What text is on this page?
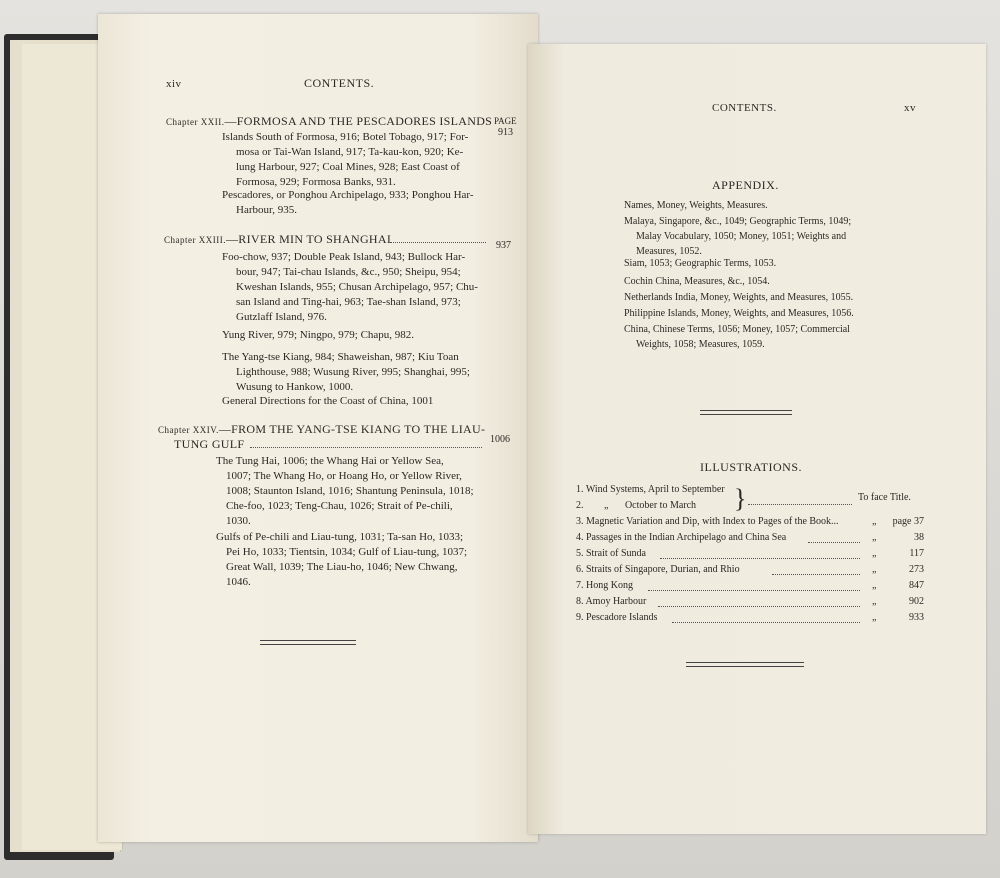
xiv	CONTENTS.
PAGE
Chapter XXII.—FORMOSA AND THE PESCADORES ISLANDS
913
Islands South of Formosa, 916; Botel Tobago, 917; For-
mosa or Tai-Wan Island, 917; Ta-kau-kon, 920; Ke-
lung Harbour, 927; Coal Mines, 928; East Coast of
Formosa, 929; Formosa Banks, 931.
Pescadores, or Ponghou Archipelago, 933; Ponghou Har-
Harbour, 935.
Chapter XXIII.—RIVER MIN TO SHANGHAI	937
Foo-chow, 937; Double Peak Island, 943; Bullock Har-
bour, 947; Tai-chau Islands, &c., 950; Sheipu, 954;
Kweshan Islands, 955; Chusan Archipelago, 957; Chu-
san Island and Ting-hai, 963; Tae-shan Island, 973;
Gutzlaff Island, 976.
Yung River, 979; Ningpo, 979; Chapu, 982.
The Yang-tse Kiang, 984; Shaweishan, 987; Kiu Toan
Lighthouse, 988; Wusung River, 995; Shanghai, 995;
Wusung to Hankow, 1000.
General Directions for the Coast of China, 1001
Chapter XXIV.—FROM THE YANG-TSE KIANG TO THE LIAU-
TUNG GULF	1006
The Tung Hai, 1006; the Whang Hai or Yellow Sea,
1007; The Whang Ho, or Hoang Ho, or Yellow River,
1008; Staunton Island, 1016; Shantung Peninsula, 1018;
Che-foo, 1023; Teng-Chau, 1026; Strait of Pe-chili,
1030.
Gulfs of Pe-chili and Liau-tung, 1031; Ta-san Ho, 1033;
Pei Ho, 1033; Tientsin, 1034; Gulf of Liau-tung, 1037;
Great Wall, 1039; The Liau-ho, 1046; New Chwang,
1046.
CONTENTS.	xv
APPENDIX.
Names, Money, Weights, Measures.
Malaya, Singapore, &c., 1049; Geographic Terms, 1049;
Malay Vocabulary, 1050; Money, 1051; Weights and
Measures, 1052.
Siam, 1053; Geographic Terms, 1053.
Cochin China, Measures, &c., 1054.
Netherlands India, Money, Weights, and Measures, 1055.
Philippine Islands, Money, Weights, and Measures, 1056.
China, Chinese Terms, 1056; Money, 1057; Commercial
Weights, 1058; Measures, 1059.
ILLUSTRATIONS.
1. Wind Systems, April to September
2. „ October to March }	To face Title.
3. Magnetic Variation and Dip, with Index to Pages of the Book...	„ page 37
4. Passages in the Indian Archipelago and China Sea	„	38
5. Strait of Sunda	„	117
6. Straits of Singapore, Durian, and Rhio	„	273
7. Hong Kong	„	847
8. Amoy Harbour	„	902
9. Pescadore Islands	„	933
